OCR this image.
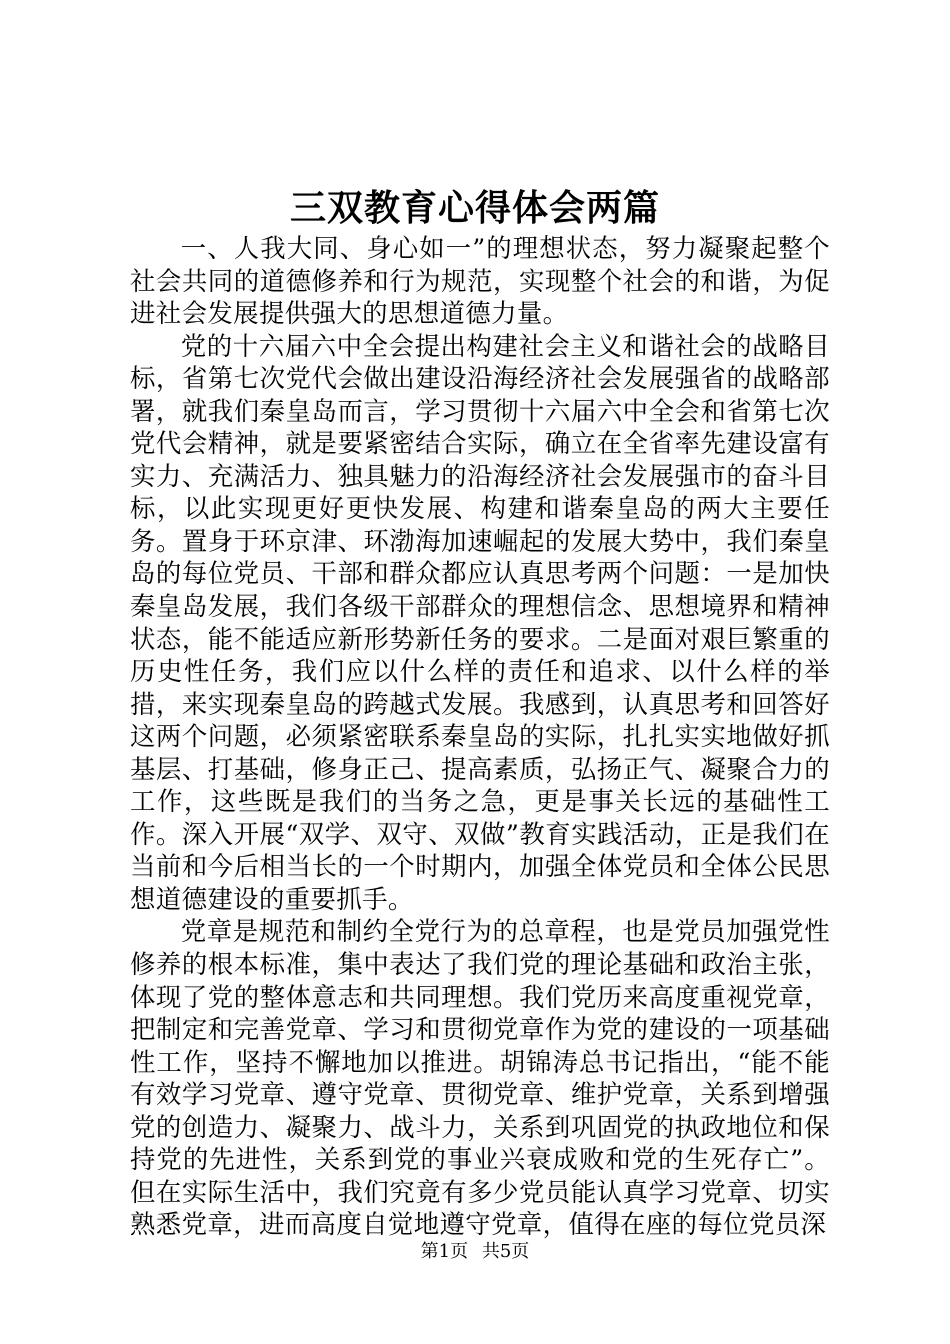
三双教育心得体会两篇

一、人我大同、身心如一”的理想状态，努力凝聚起整个社会共同的道德修养和行为规范，实现整个社会的和谐，为促进社会发展提供强大的思想道德力量。

党的十六届六中全会提出构建社会主义和谐社会的战略目标，省第七次党代会做出建设沿海经济社会发展强省的战略部署，就我们秦皇岛而言，学习贯彻十六届六中全会和省第七次党代会精神，就是要紧密结合实际，确立在全省率先建设富有实力、充满活力、独具魅力的沿海经济社会发展强市的奋斗目标，以此实现更好更快发展、构建和谐秦皇岛的两大主要任务。置身于环京津、环渤海加速崛起的发展大势中，我们秦皇岛的每位党员、干部和群众都应认真思考两个问题：一是加快秦皇岛发展，我们各级干部群众的理想信念、思想境界和精神状态，能不能适应新形势新任务的要求。二是面对艰巨繁重的历史性任务，我们应以什么样的责任和追求、以什么样的举措，来实现秦皇岛的跨越式发展。我感到，认真思考和回答好这两个问题，必须紧密联系秦皇岛的实际，扎扎实实地做好抓基层、打基础，修身正己、提高素质，弘扬正气、凝聚合力的工作，这些既是我们的当务之急，更是事关长远的基础性工作。深入开展“双学、双守、双做”教育实践活动，正是我们在当前和今后相当长的一个时期内，加强全体党员和全体公民思想道德建设的重要抓手。

党章是规范和制约全党行为的总章程，也是党员加强党性修养的根本标准，集中表达了我们党的理论基础和政治主张，体现了党的整体意志和共同理想。我们党历来高度重视党章，把制定和完善党章、学习和贯彻党章作为党的建设的一项基础性工作，坚持不懈地加以推进。胡锦涛总书记指出，“能不能有效学习党章、遵守党章、贯彻党章、维护党章，关系到增强党的创造力、凝聚力、战斗力，关系到巩固党的执政地位和保持党的先进性，关系到党的事业兴衰成败和党的生死存亡”。但在实际生活中，我们究竟有多少党员能认真学习党章、切实熟悉党章，进而高度自觉地遵守党章，值得在座的每位党员深

第1页 共5页
